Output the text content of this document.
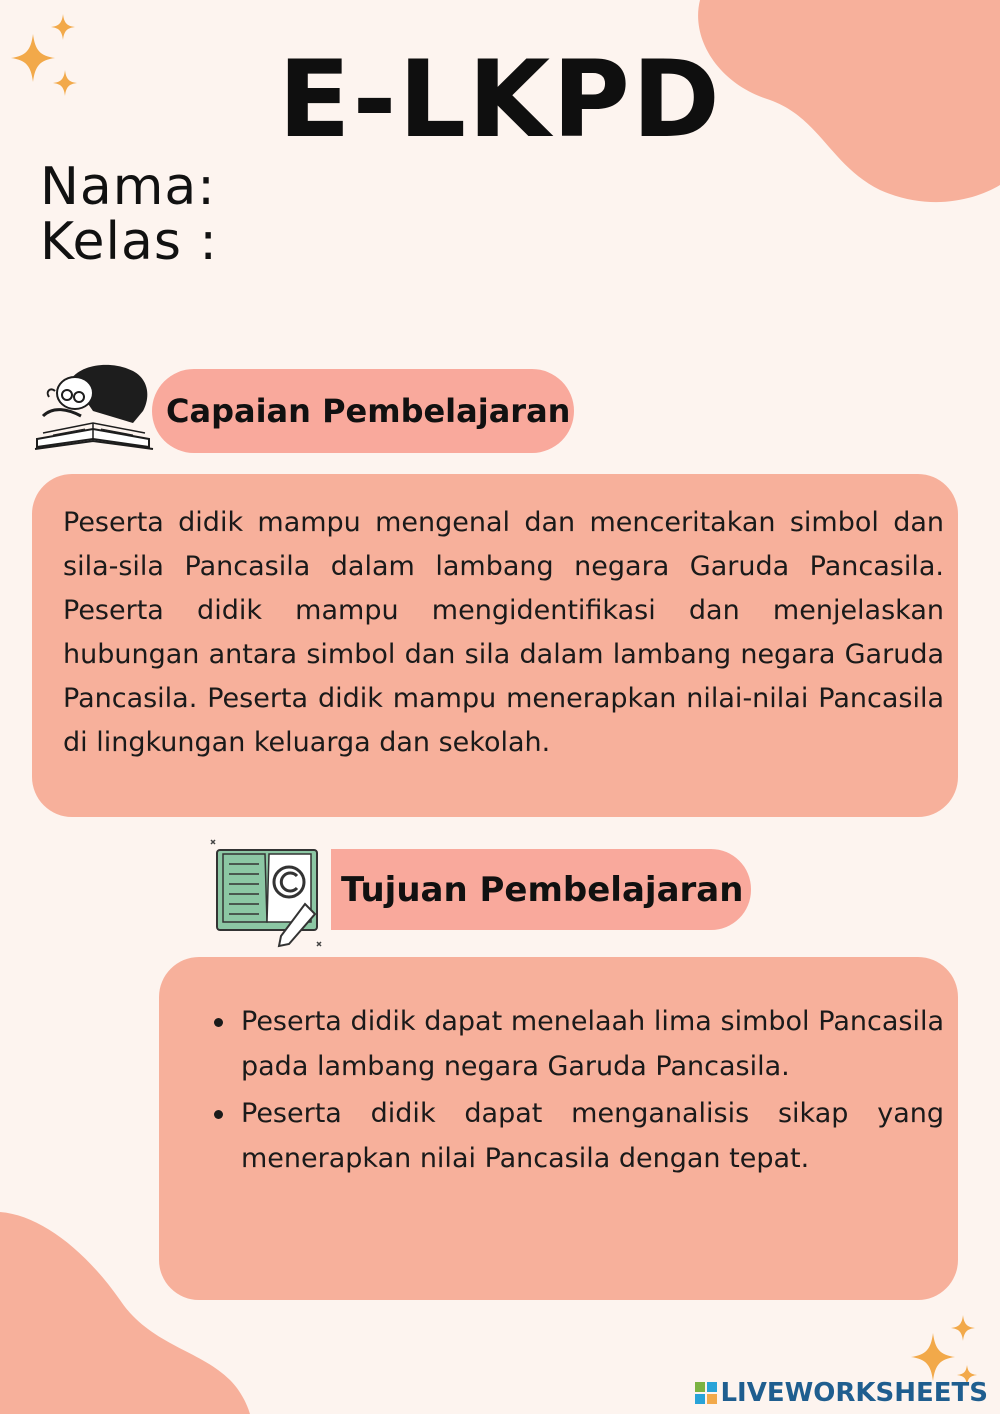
E-LKPD
Nama:
Kelas :
Capaian Pembelajaran
Peserta didik mampu mengenal dan menceritakan simbol dan sila-sila Pancasila dalam lambang negara Garuda Pancasila. Peserta didik mampu mengidentifikasi dan menjelaskan hubungan antara simbol dan sila dalam lambang negara Garuda Pancasila. Peserta didik mampu menerapkan nilai-nilai Pancasila di lingkungan keluarga dan sekolah.
Tujuan Pembelajaran
Peserta didik dapat menelaah lima simbol Pancasila pada lambang negara Garuda Pancasila.
Peserta didik dapat menganalisis sikap yang menerapkan nilai Pancasila dengan tepat.
LIVEWORKSHEETS
